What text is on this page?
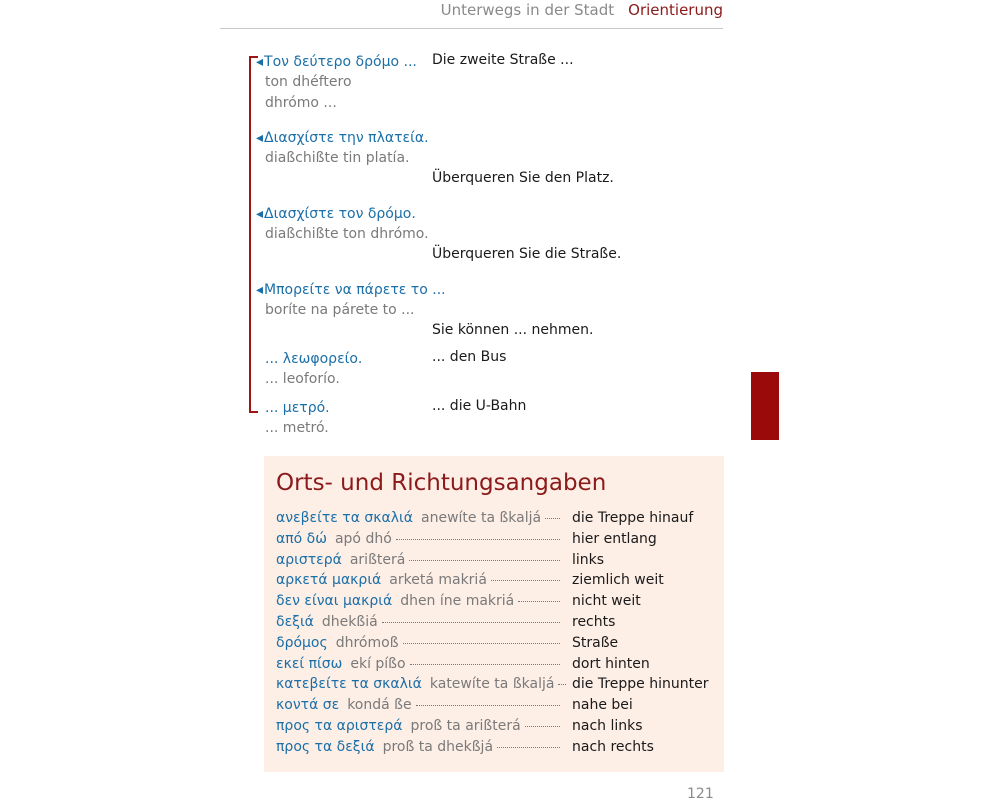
Unterwegs in der Stadt Orientierung
◂Τον δεύτερο δρόμο ...	Die zweite Straße ...
ton dhéftero
dhrómo ...
◂Διασχίστε την πλατεία.
diaßchißte tin platía.
Überqueren Sie den Platz.
◂Διασχίστε τον δρόμο.
diaßchißte ton dhrómo.
Überqueren Sie die Straße.
◂Μπορείτε να πάρετε το ...
boríte na párete to ...
Sie können ... nehmen.
... λεωφορείο.	... den Bus
... leoforío.
... μετρό.	... die U-Bahn
... metró.
Orts- und Richtungsangaben
ανεβείτε τα σκαλιά anewíte ta ßkaljá die Treppe hinauf
από δώ apó dhó	hier entlang
αριστερά arißterá	links
αρκετά μακριά arketá makriá	ziemlich weit
δεν είναι μακριά dhen íne makriá	nicht weit
δεξιά dhekßiá	rechts
δρόμος dhrómoß	Straße
εκεί πίσω ekí píßo	dort hinten
κατεβείτε τα σκαλιά katewíte ta ßkaljá die Treppe hinunter
κοντά σε kondá ße	nahe bei
προς τα αριστερά proß ta arißterá	nach links
προς τα δεξιά proß ta dhekßjá	nach rechts
121
